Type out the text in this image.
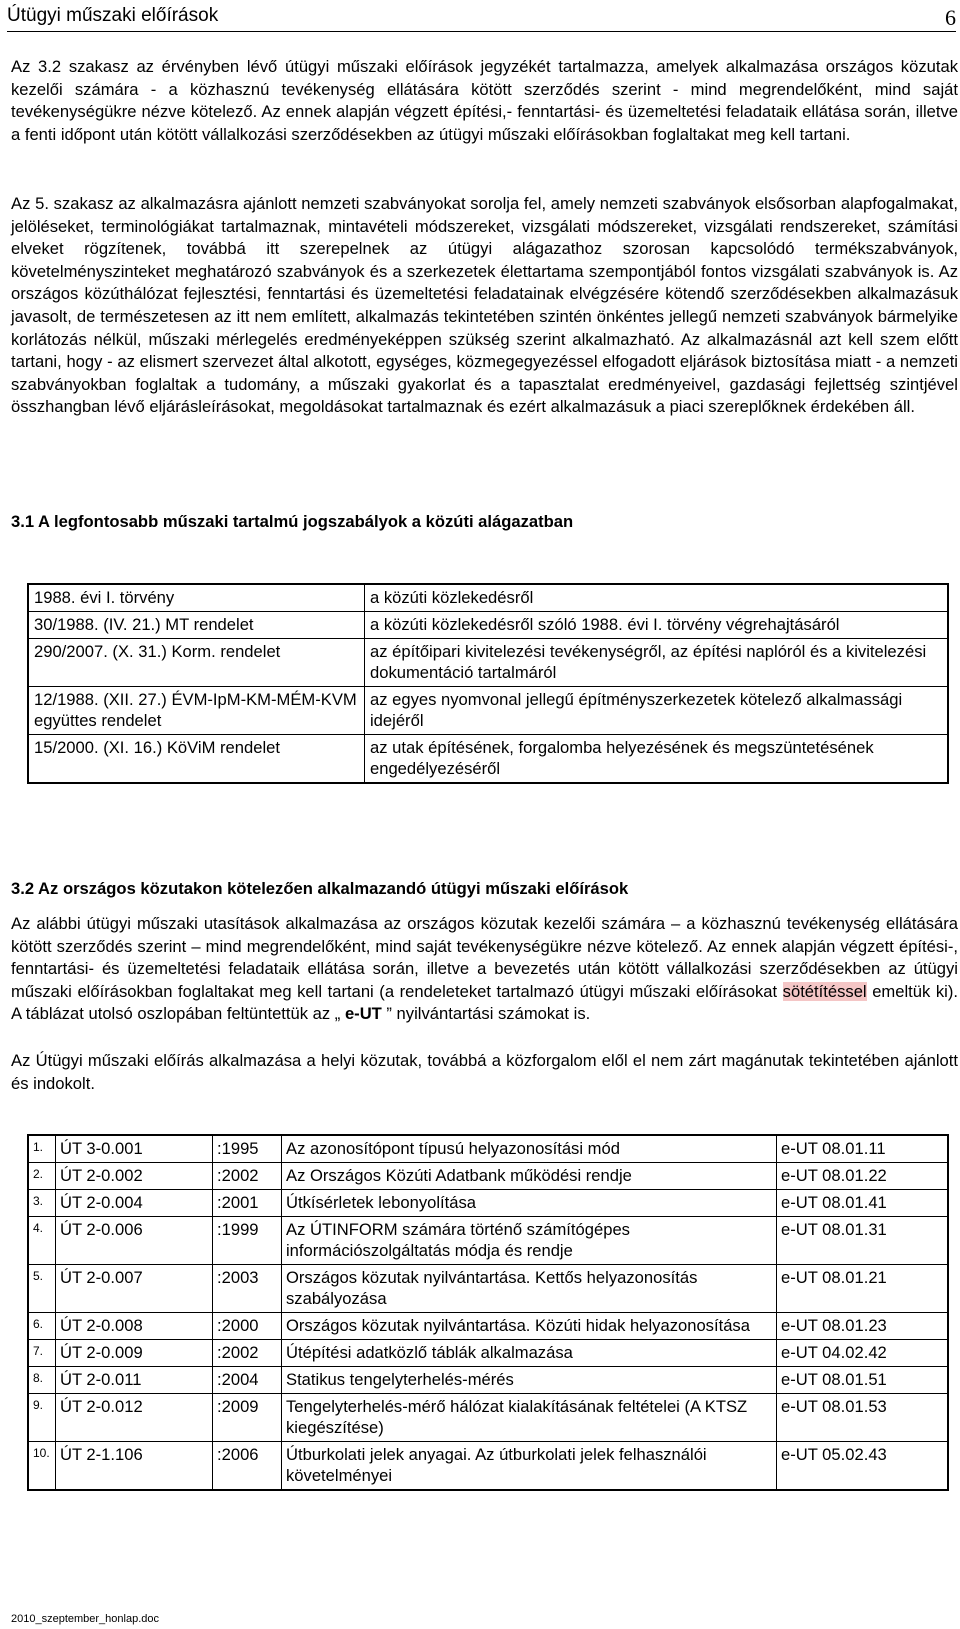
Útügyi műszaki előírások	6

Az 3.2 szakasz az érvényben lévő útügyi műszaki előírások jegyzékét tartalmazza, amelyek alkalmazása országos közutak kezelői számára - a közhasznú tevékenység ellátására kötött szerződés szerint - mind megrendelőként, mind saját tevékenységükre nézve kötelező. Az ennek alapján végzett építési,- fenntartási- és üzemeltetési feladataik ellátása során, illetve a fenti időpont után kötött vállalkozási szerződésekben az útügyi műszaki előírásokban foglaltakat meg kell tartani.

Az 5. szakasz az alkalmazásra ajánlott nemzeti szabványokat sorolja fel, amely nemzeti szabványok elsősorban alapfogalmakat, jelöléseket, terminológiákat tartalmaznak, mintavételi módszereket, vizsgálati módszereket, vizsgálati rendszereket, számítási elveket rögzítenek, továbbá itt szerepelnek az útügyi alágazathoz szorosan kapcsolódó termékszabványok, követelményszinteket meghatározó szabványok és a szerkezetek élettartama szempontjából fontos vizsgálati szabványok is. Az országos közúthálózat fejlesztési, fenntartási és üzemeltetési feladatainak elvégzésére kötendő szerződésekben alkalmazásuk javasolt, de természetesen az itt nem említett, alkalmazás tekintetében szintén önkéntes jellegű nemzeti szabványok bármelyike korlátozás nélkül, műszaki mérlegelés eredményeképpen szükség szerint alkalmazható. Az alkalmazásnál azt kell szem előtt tartani, hogy - az elismert szervezet által alkotott, egységes, közmegegyezéssel elfogadott eljárások biztosítása miatt - a nemzeti szabványokban foglaltak a tudomány, a műszaki gyakorlat és a tapasztalat eredményeivel, gazdasági fejlettség szintjével összhangban lévő eljárásleírásokat, megoldásokat tartalmaznak és ezért alkalmazásuk a piaci szereplőknek érdekében áll.

3.1 A legfontosabb műszaki tartalmú jogszabályok a közúti alágazatban

1988. évi I. törvény	a közúti közlekedésről
30/1988. (IV. 21.) MT rendelet	a közúti közlekedésről szóló 1988. évi I. törvény végrehajtásáról
290/2007. (X. 31.) Korm. rendelet	az építőipari kivitelezési tevékenységről, az építési naplóról és a kivitelezési dokumentáció tartalmáról
12/1988. (XII. 27.) ÉVM-IpM-KM-MÉM-KVM együttes rendelet	az egyes nyomvonal jellegű építményszerkezetek kötelező alkalmassági idejéről
15/2000. (XI. 16.) KöViM rendelet	az utak építésének, forgalomba helyezésének és megszüntetésének engedélyezéséről

3.2 Az országos közutakon kötelezően alkalmazandó útügyi műszaki előírások

Az alábbi útügyi műszaki utasítások alkalmazása az országos közutak kezelői számára – a közhasznú tevékenység ellátására kötött szerződés szerint – mind megrendelőként, mind saját tevékenységükre nézve kötelező. Az ennek alapján végzett építési-, fenntartási- és üzemeltetési feladataik ellátása során, illetve a bevezetés után kötött vállalkozási szerződésekben az útügyi műszaki előírásokban foglaltakat meg kell tartani (a rendeleteket tartalmazó útügyi műszaki előírásokat sötétítéssel emeltük ki). A táblázat utolsó oszlopában feltüntettük az „ e-UT ” nyilvántartási számokat is.

Az Útügyi műszaki előírás alkalmazása a helyi közutak, továbbá a közforgalom elől el nem zárt magánutak tekintetében ajánlott és indokolt.

1.	ÚT 3-0.001	:1995	Az azonosítópont típusú helyazonosítási mód	e-UT 08.01.11
2.	ÚT 2-0.002	:2002	Az Országos Közúti Adatbank működési rendje	e-UT 08.01.22
3.	ÚT 2-0.004	:2001	Útkísérletek lebonyolítása	e-UT 08.01.41
4.	ÚT 2-0.006	:1999	Az ÚTINFORM számára történő számítógépes információszolgáltatás módja és rendje	e-UT 08.01.31
5.	ÚT 2-0.007	:2003	Országos közutak nyilvántartása. Kettős helyazonosítás szabályozása	e-UT 08.01.21
6.	ÚT 2-0.008	:2000	Országos közutak nyilvántartása. Közúti hidak helyazonosítása	e-UT 08.01.23
7.	ÚT 2-0.009	:2002	Útépítési adatközlő táblák alkalmazása	e-UT 04.02.42
8.	ÚT 2-0.011	:2004	Statikus tengelyterhelés-mérés	e-UT 08.01.51
9.	ÚT 2-0.012	:2009	Tengelyterhelés-mérő hálózat kialakításának feltételei (A KTSZ kiegészítése)	e-UT 08.01.53
10.	ÚT 2-1.106	:2006	Útburkolati jelek anyagai. Az útburkolati jelek felhasználói követelményei	e-UT 05.02.43
2010_szeptember_honlap.doc
